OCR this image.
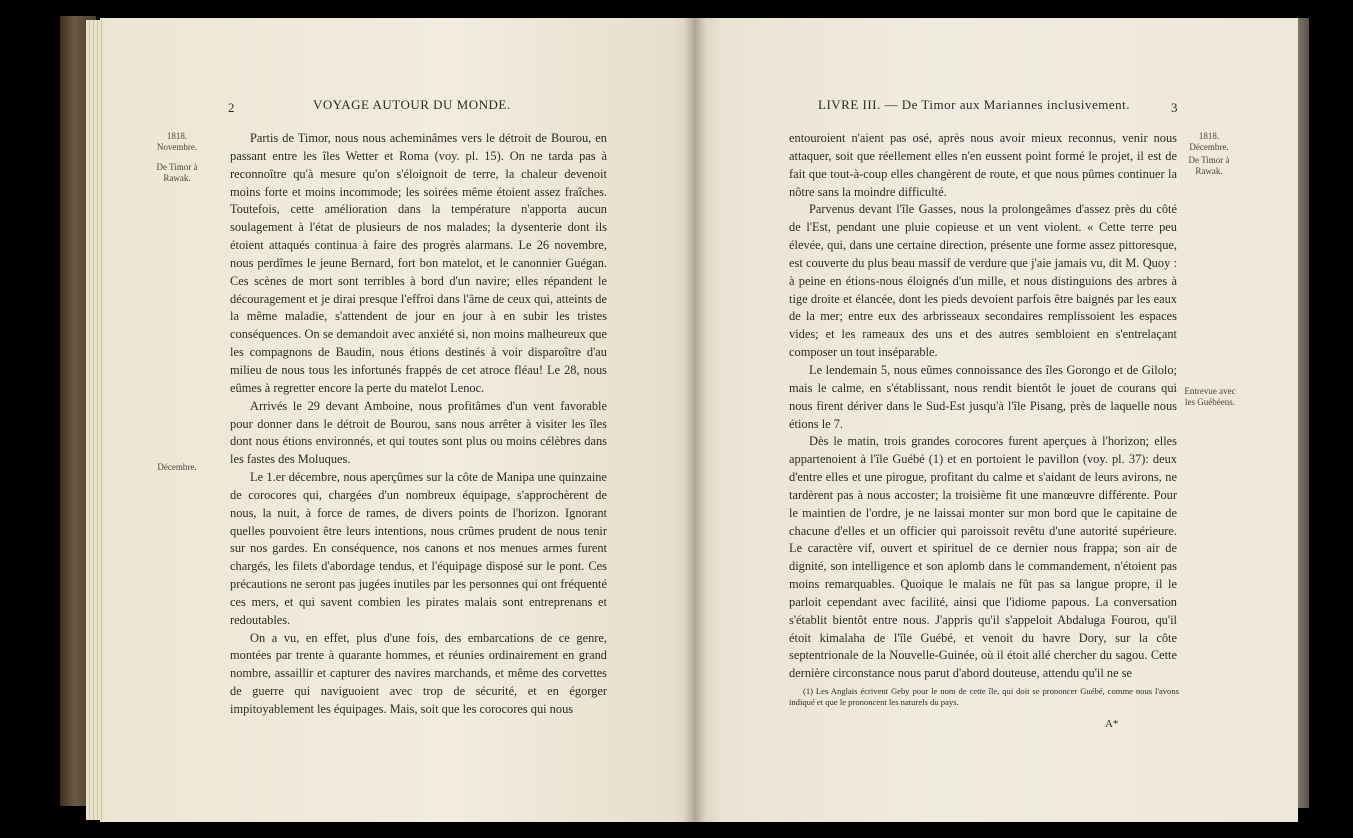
2	VOYAGE AUTOUR DU MONDE.
1818.
Novembre.
De Timor à Rawak.
Décembre.

Partis de Timor, nous nous acheminâmes vers le détroit de Bourou, en passant entre les îles Wetter et Roma (voy. pl. 15). On ne tarda pas à reconnoître qu'à mesure qu'on s'éloignoit de terre, la chaleur devenoit moins forte et moins incommode; les soirées même étoient assez fraîches. Toutefois, cette amélioration dans la température n'apporta aucun soulagement à l'état de plusieurs de nos malades; la dysenterie dont ils étoient attaqués continua à faire des progrès alarmans. Le 26 novembre, nous perdîmes le jeune Bernard, fort bon matelot, et le canonnier Guégan. Ces scènes de mort sont terribles à bord d'un navire; elles répandent le découragement et je dirai presque l'effroi dans l'âme de ceux qui, atteints de la même maladie, s'attendent de jour en jour à en subir les tristes conséquences. On se demandoit avec anxiété si, non moins malheureux que les compagnons de Baudin, nous étions destinés à voir disparoître d'au milieu de nous tous les infortunés frappés de cet atroce fléau! Le 28, nous eûmes à regretter encore la perte du matelot Lenoc.

Arrivés le 29 devant Amboine, nous profitâmes d'un vent favorable pour donner dans le détroit de Bourou, sans nous arrêter à visiter les îles dont nous étions environnés, et qui toutes sont plus ou moins célèbres dans les fastes des Moluques.

Le 1.er décembre, nous aperçûmes sur la côte de Manipa une quinzaine de corocores qui, chargées d'un nombreux équipage, s'approchèrent de nous, la nuit, à force de rames, de divers points de l'horizon. Ignorant quelles pouvoient être leurs intentions, nous crûmes prudent de nous tenir sur nos gardes. En conséquence, nos canons et nos menues armes furent chargés, les filets d'abordage tendus, et l'équipage disposé sur le pont. Ces précautions ne seront pas jugées inutiles par les personnes qui ont fréquenté ces mers, et qui savent combien les pirates malais sont entreprenans et redoutables.

On a vu, en effet, plus d'une fois, des embarcations de ce genre, montées par trente à quarante hommes, et réunies ordinairement en grand nombre, assaillir et capturer des navires marchands, et même des corvettes de guerre qui naviguoient avec trop de sécurité, et en égorger impitoyablement les équipages. Mais, soit que les corocores qui nous

LIVRE III. — De Timor aux Mariannes inclusivement.	3
1818.
Décembre.
De Timor à Rawak.
Entrevue avec les Guébéens.

entouroient n'aient pas osé, après nous avoir mieux reconnus, venir nous attaquer, soit que réellement elles n'en eussent point formé le projet, il est de fait que tout-à-coup elles changèrent de route, et que nous pûmes continuer la nôtre sans la moindre difficulté.

Parvenus devant l'île Gasses, nous la prolongeâmes d'assez près du côté de l'Est, pendant une pluie copieuse et un vent violent. « Cette terre peu élevée, qui, dans une certaine direction, présente une forme assez pittoresque, est couverte du plus beau massif de verdure que j'aie jamais vu, dit M. Quoy : à peine en étions-nous éloignés d'un mille, et nous distinguions des arbres à tige droite et élancée, dont les pieds devoient parfois être baignés par les eaux de la mer; entre eux des arbrisseaux secondaires remplissoient les espaces vides; et les rameaux des uns et des autres sembloient en s'entrelaçant composer un tout inséparable.

Le lendemain 5, nous eûmes connoissance des îles Gorongo et de Gilolo; mais le calme, en s'établissant, nous rendit bientôt le jouet de courans qui nous firent dériver dans le Sud-Est jusqu'à l'île Pisang, près de laquelle nous étions le 7.

Dès le matin, trois grandes corocores furent aperçues à l'horizon; elles appartenoient à l'île Guébé (1) et en portoient le pavillon (voy. pl. 37): deux d'entre elles et une pirogue, profitant du calme et s'aidant de leurs avirons, ne tardèrent pas à nous accoster; la troisième fit une manœuvre différente. Pour le maintien de l'ordre, je ne laissai monter sur mon bord que le capitaine de chacune d'elles et un officier qui paroissoit revêtu d'une autorité supérieure. Le caractère vif, ouvert et spirituel de ce dernier nous frappa; son air de dignité, son intelligence et son aplomb dans le commandement, n'étoient pas moins remarquables. Quoique le malais ne fût pas sa langue propre, il le parloit cependant avec facilité, ainsi que l'idiome papous. La conversation s'établit bientôt entre nous. J'appris qu'il s'appeloit Abdaluga Fourou, qu'il étoit kimalaha de l'île Guébé, et venoit du havre Dory, sur la côte septentrionale de la Nouvelle-Guinée, où il étoit allé chercher du sagou. Cette dernière circonstance nous parut d'abord douteuse, attendu qu'il ne se

(1) Les Anglais écrivent Geby pour le nom de cette île, qui doit se prononcer Guébé, comme nous l'avons indiqué et que le prononcent les naturels du pays.

A*
